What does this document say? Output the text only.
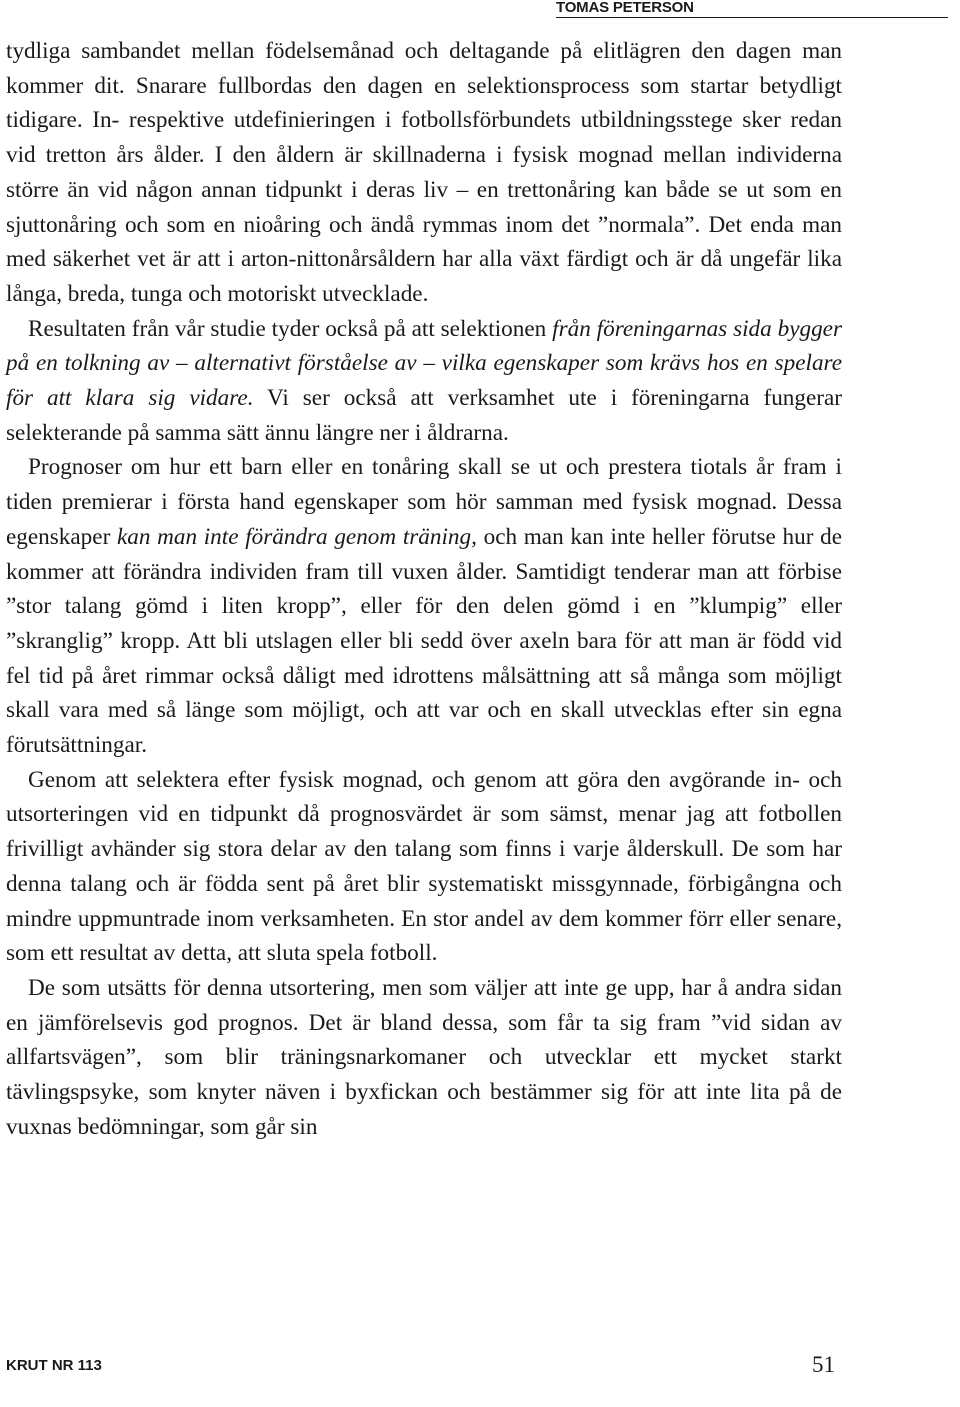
TOMAS PETERSON

tydliga sambandet mellan födelsemånad och deltagande på elitlägren den dagen man kommer dit. Snarare fullbordas den dagen en selektionsprocess som startar betydligt tidigare. In- respektive utdefinieringen i fotbollsförbundets utbildningsstege sker redan vid tretton års ålder. I den åldern är skillnaderna i fysisk mognad mellan individerna större än vid någon annan tidpunkt i deras liv – en trettonåring kan både se ut som en sjuttonåring och som en nioåring och ändå rymmas inom det ”normala”. Det enda man med säkerhet vet är att i arton-nittonårsåldern har alla växt färdigt och är då ungefär lika långa, breda, tunga och motoriskt utvecklade.

Resultaten från vår studie tyder också på att selektionen från föreningarnas sida bygger på en tolkning av – alternativt förståelse av – vilka egenskaper som krävs hos en spelare för att klara sig vidare. Vi ser också att verksamhet ute i föreningarna fungerar selekterande på samma sätt ännu längre ner i åldrarna.

Prognoser om hur ett barn eller en tonåring skall se ut och prestera tiotals år fram i tiden premierar i första hand egenskaper som hör samman med fysisk mognad. Dessa egenskaper kan man inte förändra genom träning, och man kan inte heller förutse hur de kommer att förändra individen fram till vuxen ålder. Samtidigt tenderar man att förbise ”stor talang gömd i liten kropp”, eller för den delen gömd i en ”klumpig” eller ”skranglig” kropp. Att bli utslagen eller bli sedd över axeln bara för att man är född vid fel tid på året rimmar också dåligt med idrottens målsättning att så många som möjligt skall vara med så länge som möjligt, och att var och en skall utvecklas efter sin egna förutsättningar.

Genom att selektera efter fysisk mognad, och genom att göra den avgörande in- och utsorteringen vid en tidpunkt då prognosvärdet är som sämst, menar jag att fotbollen frivilligt avhänder sig stora delar av den talang som finns i varje ålderskull. De som har denna talang och är födda sent på året blir systematiskt missgynnade, förbigångna och mindre uppmuntrade inom verksamheten. En stor andel av dem kommer förr eller senare, som ett resultat av detta, att sluta spela fotboll.

De som utsätts för denna utsortering, men som väljer att inte ge upp, har å andra sidan en jämförelsevis god prognos. Det är bland dessa, som får ta sig fram ”vid sidan av allfartsvägen”, som blir träningsnarkomaner och utvecklar ett mycket starkt tävlingspsyke, som knyter näven i byxfickan och bestämmer sig för att inte lita på de vuxnas bedömningar, som går sin

KRUT NR 113	51
